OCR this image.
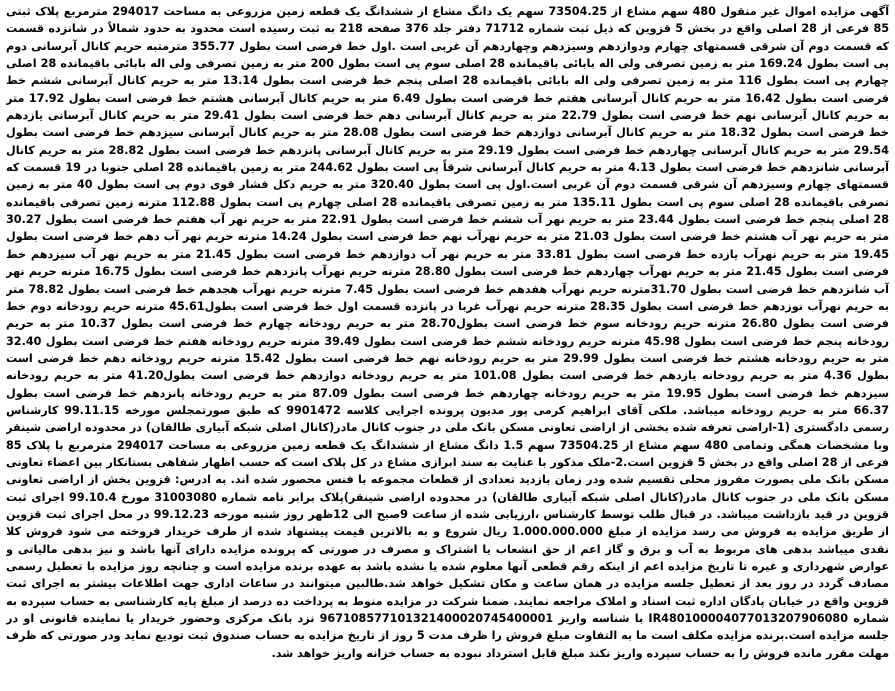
آگهی مزایده اموال غیر منقول 480 سهم مشاع از 73504.25 سهم یک دانگ مشاع از ششدانگ یک قطعه زمین مزروعی به مساحت 294017 مترمربع پلاک ثبتی 85 فرعی از 28 اصلی واقع در بخش 5 قزوین که ذیل ثبت شماره 71712 دفتر جلد 376 صفحه 218 به ثبت رسیده است محدود به حدود شمالاً در شانزده قسمت که قسمت دوم آن شرقی قسمتهای چهارم ودوازدهم وسیزدهم وچهاردهم آن غربی است .اول خط فرضی است بطول 355.77 مترمتبه حریم کانال آبرسانی دوم پی است بطول 169.24 متر به زمین تصرفی ولی اله بابائی باقیمانده 28 اصلی سوم پی است بطول 200 متر به زمین تصرفی ولی اله بابائی باقیمانده 28 اصلی چهارم پی است بطول 116 متر به زمین تصرفی ولی اله بابائی باقیمانده 28 اصلی پنجم خط فرضی است بطول 13.14 متر به حریم کانال آبرسانی ششم خط فرضی است بطول 16.42 متر به حریم کانال آبرسانی هفتم خط فرضی است بطول 6.49 متر به حریم کانال آبرسانی هشتم خط فرضی است بطول 17.92 متر به حریم کانال آبرسانی نهم خط فرضی است بطول 22.79 متر به حریم کانال آبرسانی دهم خط فرضی است بطول 29.41 متر به حریم کانال آبرسانی یازدهم خط فرضی است بطول 18.32 متر به حریم کانال آبرسانی دوازدهم خط فرضی است بطول 28.08 متر به حریم کانال آبرسانی سیزدهم خط فرضی است بطول 29.54 متر به حریم کانال آبرسانی چهاردهم خط فرضی است بطول 29.19 متر به حریم کانال آبرسانی پانزدهم خط فرضی است بطول 28.82 متر به حریم کانال آبرسانی شانزدهم خط فرضی است بطول 4.13 متر به حریم کانال آبرسانی شرقاً پی است بطول 244.62 متر به زمین باقیمانده 28 اصلی جنوبا در 19 قسمت که قسمتهای چهارم وسیزدهم آن شرقی قسمت دوم آن غربی است.اول پی است بطول 320.40 متر به حریم دکل فشار قوی دوم پی است بطول 40 متر به زمین تصرفی باقیمانده 28 اصلی سوم پی است بطول 135.11 متر به زمین تصرفی باقیمانده 28 اصلی چهارم پی است بطول 112.88 مترنه زمین تصرفی باقیمانده 28 اصلی پنجم خط فرضی است بطول 23.44 متر به حریم نهر آب ششم خط فرضی است بطول 22.91 متر به حریم نهر آب هفتم خط فرضی است بطول 30.27 متر به حریم نهر آب هشتم خط فرضی است بطول 21.03 متر به حریم نهرآب نهم خط فرضی است بطول 14.24 مترنه حریم نهر آب دهم خط فرضی است بطول 19.45 متر به حریم نهرآب یازده خط فرضی است بطول 33.81 متر به حریم نهر آب دوازدهم خط فرضی است بطول 21.45 متر به حریم نهر آب سیزدهم خط فرضی است بطول 21.45 متر به حریم نهرآب چهاردهم خط فرضی است بطول 28.80 مترنه حریم نهرآب پانزدهم خط فرضی است بطول 16.75 مترنه حریم نهر آب شانزدهم خط فرضی است بطول 31.70مترنه حریم نهرآب هفدهم خط فرضی است بطول 7.45 مترنه حریم نهرآب هجدهم خط فرضی است بطول 78.82 متر به حریم نهرآب نوزدهم خط فرضی است بطول 28.35 مترنه حریم نهرآب غربا در پانزده قسمت اول خط فرضی است بطول45.61 مترنه حریم رودخانه دوم خط فرضی است بطول 26.80 مترنه حریم رودخانه سوم خط فرضی است بطول28.70 متر به حریم رودخانه چهارم خط فرضی است بطول 10.37 متر به حریم رودخانه پنجم خط فرضی است بطول 45.98 مترنه حریم رودخانه ششم خط فرضی است بطول 39.49 مترنه حریم رودخانه هفتم خط فرضی است بطول 32.40 متر به حریم رودخانه هشتم خط فرضی است بطول 29.99 متر به حریم رودخانه نهم خط فرضی است بطول 15.42 مترنه حریم رودخانه دهم خط فرضی است بطول 4.36 متر به حریم رودخانه یازدهم خط فرضی است بطول 101.08 متر به حریم رودخانه دوازدهم خط فرضی است بطول41.20 متر به حریم رودخانه سیزدهم خط فرضی است بطول 19.95 متر به حریم رودخانه چهاردهم خط فرضی است بطول 87.09 متر به حریم رودخانه پانزدهم خط فرضی است بطول 66.37 متر به حریم رودخانه میباشد. ملکی آقای ابراهیم کرمی پور مدیون پرونده اجرایی کلاسه 9901472 که طبق صورتمجلس مورخه 99.11.15 کارشناس رسمی دادگستری (1-اراضی تعرفه شده بخشی از اراضی تعاونی مسکن بانک ملی در جنوب کانال مادر(کانال اصلی شبکه آبیاری طالقان) در محدوده اراضی شینقر وبا مشخصات همگی وتمامی 480 سهم مشاع از 73504.25 سهم 1.5 دانگ مشاع از ششدانگ یک قطعه زمین مزروعی به مساحت 294017 مترمربع با پلاک 85 فرعی از 28 اصلی واقع در بخش 5 قزوین است.2-ملک مذکور با عنایت به سند ابرازی مشاع در کل پلاک است که حسب اظهار شفاهی بستانکار بین اعضاء تعاونی مسکن بانک ملی بصورت مفروز محلی تقسیم شده ودر زمان بازدید تعدادی از قطعات مجموعه با فنس محصور شده اند. به ادرس: قزوین بخش از اراضی تعاونی مسکن بانک ملی در جنوب کانال مادر(کانال اصلی شبکه آبیاری طالقان) در محدوده اراضی شینقر)پلاک برابر نامه شماره 31003080 مورخ 99.10.4 اجرای ثبت قزوین در قید بازداشت میباشد. در قبال طلب توسط کارشناس ،ارزیابی شده از ساعت 9صبح الی 12ظهر روز شنبه مورخه 99.12.23 در محل اجرای ثبت قزوین از طریق مزایده به فروش می رسد مزایده از مبلغ 1.000.000.000 ریال شروع و به بالاترین قیمت پیشنهاد شده از طرف خریدار فروخته می شود فروش کلا نقدی میباشد بدهی های مربوط به آب و برق و گاز اعم از حق انشعاب یا اشتراک و مصرف در صورتی که پرونده مزایده دارای آنها باشد و نیز بدهی مالیاتی و عوارض شهرداری و غیره تا تاریخ مزایده اعم از اینکه رقم قطعی آنها معلوم شده یا نشده باشد به عهده برنده مزایده است و چنانچه روز مزایده با تعطیل رسمی مصادف گردد در روز بعد از تعطیل جلسه مزایده در همان ساعت و مکان تشکیل خواهد شد.طالبین میتوانند در ساعات اداری جهت اطلاعات بیشتر به اجرای ثبت قزوین واقع در خیابان پادگان اداره ثبت اسناد و املاک مراجعه نمایند. ضمنا شرکت در مزایده منوط به پرداخت ده درصد از مبلغ پایه کارشناسی به حساب سپرده به شماره IR480100004077013207906080 با شناسه واریز 967108577101321400020745400001 نزد بانک مرکزی وحضور خریدار یا نماینده قانونی او در جلسه مزایده است.برنده مزایده مکلف است ما به التفاوت مبلغ فروش را ظرف مدت 5 روز از تاریخ مزایده به حساب صندوق ثبت تودیع نماید ودر صورتی که ظرف مهلت مقرر مانده فروش را به حساب سپرده واریز نکند مبلغ قابل استرداد نبوده به حساب خزانه واریز خواهد شد.
